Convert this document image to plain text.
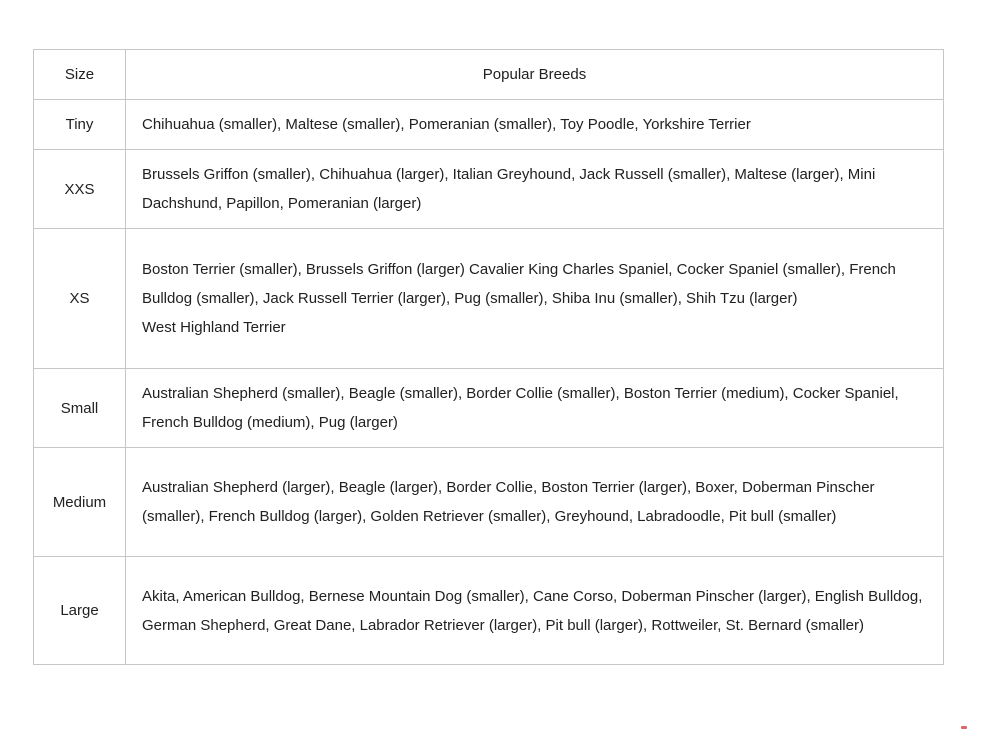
Size	Popular Breeds
Tiny	Chihuahua (smaller), Maltese (smaller), Pomeranian (smaller), Toy Poodle, Yorkshire Terrier

XXS	Brussels Griffon (smaller), Chihuahua (larger), Italian Greyhound, Jack Russell (smaller), Maltese (larger), Mini Dachshund, Papillon, Pomeranian (larger)

XS	Boston Terrier (smaller), Brussels Griffon (larger) Cavalier King Charles Spaniel, Cocker Spaniel (smaller), French Bulldog (smaller), Jack Russell Terrier (larger), Pug (smaller), Shiba Inu (smaller), Shih Tzu (larger)
West Highland Terrier

Small	Australian Shepherd (smaller), Beagle (smaller), Border Collie (smaller), Boston Terrier (medium), Cocker Spaniel, French Bulldog (medium), Pug (larger)

Medium	Australian Shepherd (larger), Beagle (larger), Border Collie, Boston Terrier (larger), Boxer, Doberman Pinscher (smaller), French Bulldog (larger), Golden Retriever (smaller), Greyhound, Labradoodle, Pit bull (smaller)

Large	Akita, American Bulldog, Bernese Mountain Dog (smaller), Cane Corso, Doberman Pinscher (larger), English Bulldog, German Shepherd, Great Dane, Labrador Retriever (larger), Pit bull (larger), Rottweiler, St. Bernard (smaller)
